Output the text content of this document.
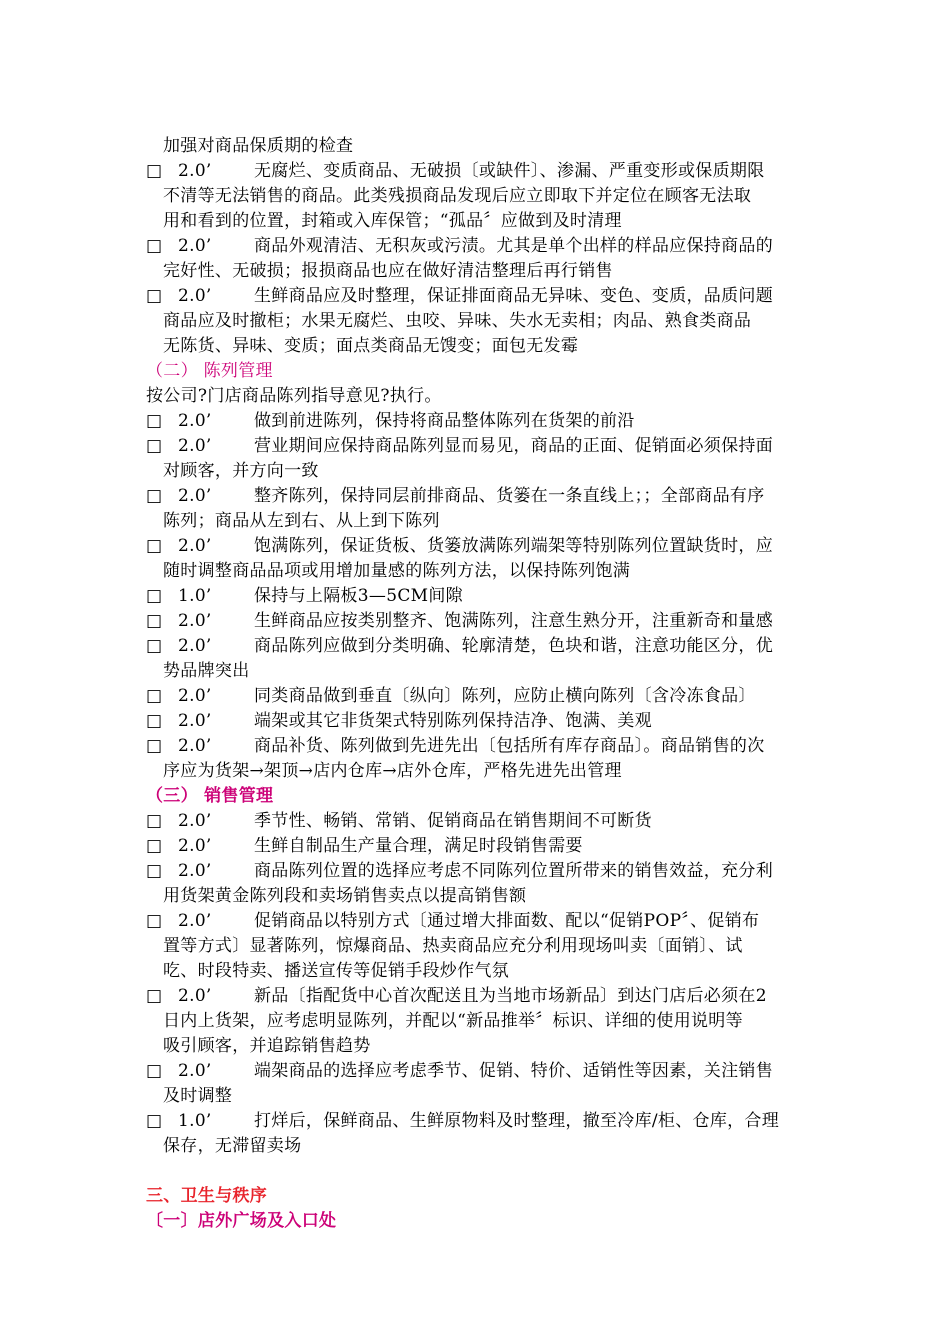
加强对商品保质期的检查
□ 2.0’ 无腐烂、变质商品、无破损〔或缺件〕、渗漏、严重变形或保质期限
不清等无法销售的商品。此类残损商品发现后应立即取下并定位在顾客无法取
用和看到的位置，封箱或入库保管；“孤品〞应做到及时清理
□ 2.0’ 商品外观清洁、无积灰或污渍。尤其是单个出样的样品应保持商品的
完好性、无破损；报损商品也应在做好清洁整理后再行销售
□ 2.0’ 生鲜商品应及时整理，保证排面商品无异味、变色、变质，品质问题
商品应及时撤柜；水果无腐烂、虫咬、异味、失水无卖相；肉品、熟食类商品
无陈货、异味、变质；面点类商品无馊变；面包无发霉
（二） 陈列管理
按公司?门店商品陈列指导意见?执行。
□ 2.0’ 做到前进陈列，保持将商品整体陈列在货架的前沿
□ 2.0’ 营业期间应保持商品陈列显而易见，商品的正面、促销面必须保持面
对顾客，并方向一致
□ 2.0’ 整齐陈列，保持同层前排商品、货篓在一条直线上；；全部商品有序
陈列；商品从左到右、从上到下陈列
□ 2.0’ 饱满陈列，保证货板、货篓放满陈列端架等特别陈列位置缺货时，应
随时调整商品品项或用增加量感的陈列方法，以保持陈列饱满
□ 1.0’ 保持与上隔板3—5CM间隙
□ 2.0’ 生鲜商品应按类别整齐、饱满陈列，注意生熟分开，注重新奇和量感
□ 2.0’ 商品陈列应做到分类明确、轮廓清楚，色块和谐，注意功能区分，优
势品牌突出
□ 2.0’ 同类商品做到垂直〔纵向〕陈列，应防止横向陈列〔含冷冻食品〕
□ 2.0’ 端架或其它非货架式特别陈列保持洁净、饱满、美观
□ 2.0’ 商品补货、陈列做到先进先出〔包括所有库存商品〕。商品销售的次
序应为货架→架顶→店内仓库→店外仓库，严格先进先出管理
（三） 销售管理
□ 2.0’ 季节性、畅销、常销、促销商品在销售期间不可断货
□ 2.0’ 生鲜自制品生产量合理，满足时段销售需要
□ 2.0’ 商品陈列位置的选择应考虑不同陈列位置所带来的销售效益，充分利
用货架黄金陈列段和卖场销售卖点以提高销售额
□ 2.0’ 促销商品以特别方式〔通过增大排面数、配以“促销POP〞、促销布
置等方式〕显著陈列，惊爆商品、热卖商品应充分利用现场叫卖〔面销〕、试
吃、时段特卖、播送宣传等促销手段炒作气氛
□ 2.0’ 新品〔指配货中心首次配送且为当地市场新品〕到达门店后必须在2
日内上货架，应考虑明显陈列，并配以“新品推举〞标识、详细的使用说明等
吸引顾客，并追踪销售趋势
□ 2.0’ 端架商品的选择应考虑季节、促销、特价、适销性等因素，关注销售
及时调整
□ 1.0’ 打烊后，保鲜商品、生鲜原物料及时整理，撤至冷库/柜、仓库，合理
保存，无滞留卖场
三、卫生与秩序
〔一〕店外广场及入口处
